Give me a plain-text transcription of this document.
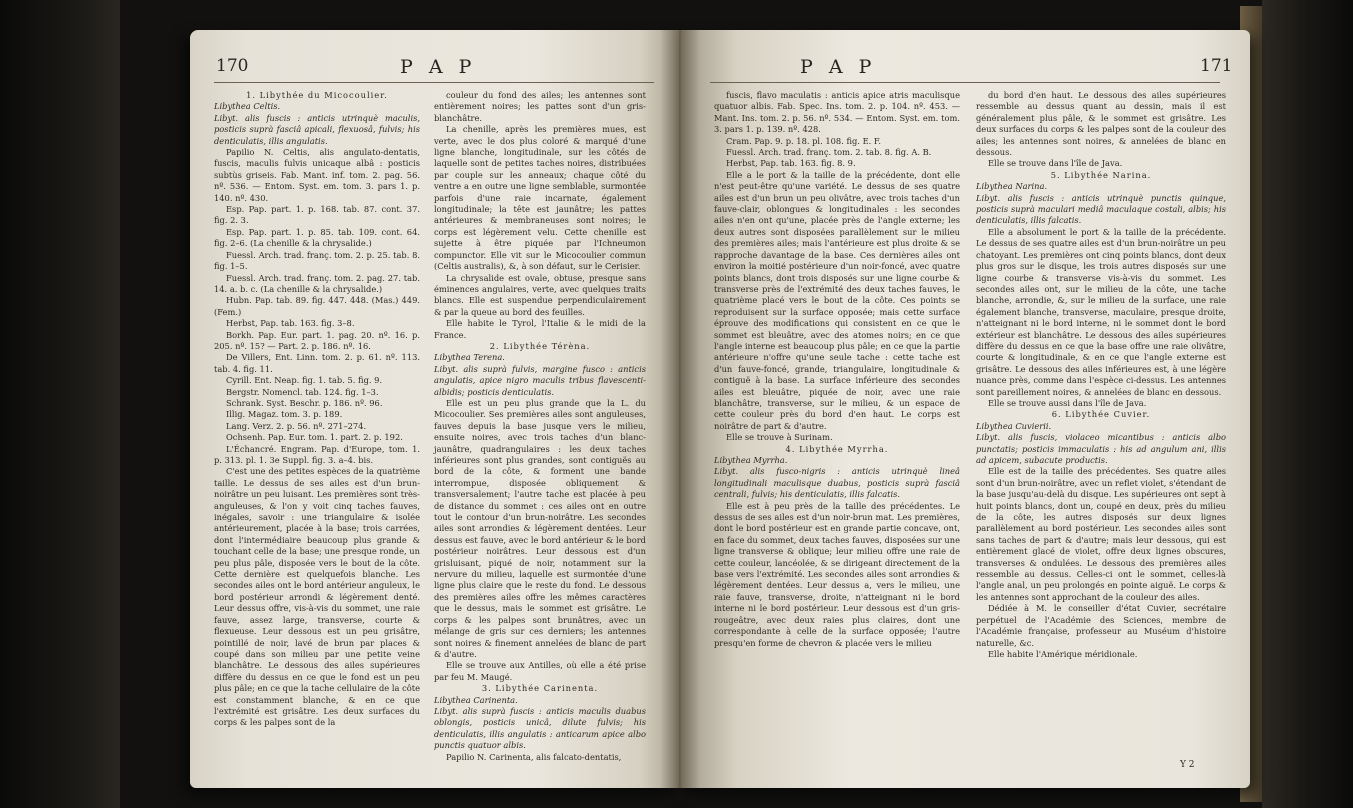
170	P A P

1. Libythée du Micocoulier.

Libythea Celtis.

Libyt. alis fuscis : anticis utrinquè maculis, posticis suprà fasciâ apicali, flexuosâ, fulvis; his denticulatis, illis angulatis.

Papilio N. Celtis, alis angulato-dentatis, fuscis, maculis fulvis unicaque albâ : posticis subtùs griseis. Fab. Mant. inf. tom. 2. pag. 56. nº. 536. — Entom. Syst. em. tom. 3. pars 1. p. 140. nº. 430.

Esp. Pap. part. 1. p. 168. tab. 87. cont. 37. fig. 2. 3.

Esp. Pap. part. 1. p. 85. tab. 109. cont. 64. fig. 2–6. (La chenille & la chrysalide.)

Fuessl. Arch. trad. franç. tom. 2. p. 25. tab. 8. fig. 1–5.

Fuessl. Arch. trad. franç. tom. 2. pag. 27. tab. 14. a. b. c. (La chenille & la chrysalide.)

Hubn. Pap. tab. 89. fig. 447. 448. (Mas.) 449. (Fem.)

Herbst, Pap. tab. 163. fig. 3–8.

Borkh. Pap. Eur. part. 1. pag. 20. nº. 16. p. 205. nº. 15? — Part. 2. p. 186. nº. 16.

De Villers, Ent. Linn. tom. 2. p. 61. nº. 113. tab. 4. fig. 11.

Cyrill. Ent. Neap. fig. 1. tab. 5. fig. 9.

Bergstr. Nomencl. tab. 124. fig. 1–3.

Schrank. Syst. Beschr. p. 186. nº. 96.

Illig. Magaz. tom. 3. p. 189.

Lang. Verz. 2. p. 56. nº. 271–274.

Ochsenh. Pap. Eur. tom. 1. part. 2. p. 192.

L'Échancré. Engram. Pap. d'Europe, tom. 1. p. 313. pl. 1. 3e Suppl. fig. 3. a–4. bis.

C'est une des petites espèces de la quatrième taille. Le dessus de ses ailes est d'un brun-noirâtre un peu luisant. Les premières sont très-anguleuses, & l'on y voit cinq taches fauves, inégales, savoir : une triangulaire & isolée antérieurement, placée à la base; trois carrées, dont l'intermédiaire beaucoup plus grande & touchant celle de la base; une presque ronde, un peu plus pâle, disposée vers le bout de la côte. Cette dernière est quelquefois blanche. Les secondes ailes ont le bord antérieur anguleux, le bord postérieur arrondi & légèrement denté. Leur dessus offre, vis-à-vis du sommet, une raie fauve, assez large, transverse, courte & flexueuse. Leur dessous est un peu grisâtre, pointillé de noir, lavé de brun par places & coupé dans son milieu par une petite veine blanchâtre. Le dessous des ailes supérieures diffère du dessus en ce que le fond est un peu plus pâle; en ce que la tache cellulaire de la côte est constamment blanche, & en ce que l'extrémité est grisâtre. Les deux surfaces du corps & les palpes sont de la

couleur du fond des ailes; les antennes sont entièrement noires; les pattes sont d'un gris-blanchâtre.

La chenille, après les premières mues, est verte, avec le dos plus coloré & marqué d'une ligne blanche, longitudinale, sur les côtés de laquelle sont de petites taches noires, distribuées par couple sur les anneaux; chaque côté du ventre a en outre une ligne semblable, surmontée parfois d'une raie incarnate, également longitudinale; la tête est jaunâtre; les pattes antérieures & membraneuses sont noires; le corps est légèrement velu. Cette chenille est sujette à être piquée par l'Ichneumon compunctor. Elle vit sur le Micocoulier commun (Celtis australis), &, à son défaut, sur le Cerisier.

La chrysalide est ovale, obtuse, presque sans éminences angulaires, verte, avec quelques traits blancs. Elle est suspendue perpendiculairement & par la queue au bord des feuilles.

Elle habite le Tyrol, l'Italie & le midi de la France.

2. Libythée Térèna.

Libythea Terena.

Libyt. alis suprà fulvis, margine fusco : anticis angulatis, apice nigro maculis tribus flavescenti-albidis; posticis denticulatis.

Elle est un peu plus grande que la L. du Micocoulier. Ses premières ailes sont anguleuses, fauves depuis la base jusque vers le milieu, ensuite noires, avec trois taches d'un blanc-jaunâtre, quadrangulaires : les deux taches inférieures sont plus grandes, sont contiguës au bord de la côte, & forment une bande interrompue, disposée obliquement & transversalement; l'autre tache est placée à peu de distance du sommet : ces ailes ont en outre tout le contour d'un brun-noirâtre. Les secondes ailes sont arrondies & légèrement dentées. Leur dessus est fauve, avec le bord antérieur & le bord postérieur noirâtres. Leur dessous est d'un grisluisant, piqué de noir, notamment sur la nervure du milieu, laquelle est surmontée d'une ligne plus claire que le reste du fond. Le dessous des premières ailes offre les mêmes caractères que le dessus, mais le sommet est grisâtre. Le corps & les palpes sont brunâtres, avec un mélange de gris sur ces derniers; les antennes sont noires & finement annelées de blanc de part & d'autre.

Elle se trouve aux Antilles, où elle a été prise par feu M. Maugé.

3. Libythée Carinenta.

Libythea Carinenta.

Libyt. alis suprà fuscis : anticis maculis duabus oblongis, posticis unicâ, dilute fulvis; his denticulatis, illis angulatis : anticarum apice albo punctis quatuor albis.

Papilio N. Carinenta, alis falcato-dentatis,

P A P	171

fuscis, flavo maculatis : anticis apice atris maculisque quatuor albis. Fab. Spec. Ins. tom. 2. p. 104. nº. 453. — Mant. Ins. tom. 2. p. 56. nº. 534. — Entom. Syst. em. tom. 3. pars 1. p. 139. nº. 428.

Cram. Pap. 9. p. 18. pl. 108. fig. E. F.

Fuessl. Arch. trad. franç. tom. 2. tab. 8. fig. A. B.

Herbst, Pap. tab. 163. fig. 8. 9.

Elle a le port & la taille de la précédente, dont elle n'est peut-être qu'une variété. Le dessus de ses quatre ailes est d'un brun un peu olivâtre, avec trois taches d'un fauve-clair, oblongues & longitudinales : les secondes ailes n'en ont qu'une, placée près de l'angle externe; les deux autres sont disposées parallèlement sur le milieu des premières ailes; mais l'antérieure est plus droite & se rapproche davantage de la base. Ces dernières ailes ont environ la moitié postérieure d'un noir-foncé, avec quatre points blancs, dont trois disposés sur une ligne courbe & transverse près de l'extrémité des deux taches fauves, le quatrième placé vers le bout de la côte. Ces points se reproduisent sur la surface opposée; mais cette surface éprouve des modifications qui consistent en ce que le sommet est bleuâtre, avec des atomes noirs; en ce que l'angle interne est beaucoup plus pâle; en ce que la partie antérieure n'offre qu'une seule tache : cette tache est d'un fauve-foncé, grande, triangulaire, longitudinale & contiguë à la base. La surface inférieure des secondes ailes est bleuâtre, piquée de noir, avec une raie blanchâtre, transverse, sur le milieu, & un espace de cette couleur près du bord d'en haut. Le corps est noirâtre de part & d'autre.

Elle se trouve à Surinam.

4. Libythée Myrrha.

Libythea Myrrha.

Libyt. alis fusco-nigris : anticis utrinquè lineâ longitudinali maculisque duabus, posticis suprà fasciâ centrali, fulvis; his denticulatis, illis falcatis.

Elle est à peu près de la taille des précédentes. Le dessus de ses ailes est d'un noir-brun mat. Les premières, dont le bord postérieur est en grande partie concave, ont, en face du sommet, deux taches fauves, disposées sur une ligne transverse & oblique; leur milieu offre une raie de cette couleur, lancéolée, & se dirigeant directement de la base vers l'extrémité. Les secondes ailes sont arrondies & légèrement dentées. Leur dessus a, vers le milieu, une raie fauve, transverse, droite, n'atteignant ni le bord interne ni le bord postérieur. Leur dessous est d'un gris-rougeâtre, avec deux raies plus claires, dont une correspondante à celle de la surface opposée; l'autre presqu'en forme de chevron & placée vers le milieu

du bord d'en haut. Le dessous des ailes supérieures ressemble au dessus quant au dessin, mais il est généralement plus pâle, & le sommet est grisâtre. Les deux surfaces du corps & les palpes sont de la couleur des ailes; les antennes sont noires, & annelées de blanc en dessous.

Elle se trouve dans l'île de Java.

5. Libythée Narina.

Libythea Narina.

Libyt. alis fuscis : anticis utrinquè punctis quinque, posticis suprà maculari mediâ maculaque costali, albis; his denticulatis, illis falcatis.

Elle a absolument le port & la taille de la précédente. Le dessus de ses quatre ailes est d'un brun-noirâtre un peu chatoyant. Les premières ont cinq points blancs, dont deux plus gros sur le disque, les trois autres disposés sur une ligne courbe & transverse vis-à-vis du sommet. Les secondes ailes ont, sur le milieu de la côte, une tache blanche, arrondie, &, sur le milieu de la surface, une raie également blanche, transverse, maculaire, presque droite, n'atteignant ni le bord interne, ni le sommet dont le bord extérieur est blanchâtre. Le dessous des ailes supérieures diffère du dessus en ce que la base offre une raie olivâtre, courte & longitudinale, & en ce que l'angle externe est grisâtre. Le dessous des ailes inférieures est, à une légère nuance près, comme dans l'espèce ci-dessus. Les antennes sont pareillement noires, & annelées de blanc en dessous.

Elle se trouve aussi dans l'île de Java.

6. Libythée Cuvier.

Libythea Cuvierii.

Libyt. alis fuscis, violaceo micantibus : anticis albo punctatis; posticis immaculatis : his ad angulum ani, illis ad apicem, subacute productis.

Elle est de la taille des précédentes. Ses quatre ailes sont d'un brun-noirâtre, avec un reflet violet, s'étendant de la base jusqu'au-delà du disque. Les supérieures ont sept à huit points blancs, dont un, coupé en deux, près du milieu de la côte, les autres disposés sur deux lignes parallèlement au bord postérieur. Les secondes ailes sont sans taches de part & d'autre; mais leur dessous, qui est entièrement glacé de violet, offre deux lignes obscures, transverses & ondulées. Le dessous des premières ailes ressemble au dessus. Celles-ci ont le sommet, celles-là l'angle anal, un peu prolongés en pointe aiguë. Le corps & les antennes sont approchant de la couleur des ailes.

Dédiée à M. le conseiller d'état Cuvier, secrétaire perpétuel de l'Académie des Sciences, membre de l'Académie française, professeur au Muséum d'histoire naturelle, &c.

Elle habite l'Amérique méridionale.

Y 2
